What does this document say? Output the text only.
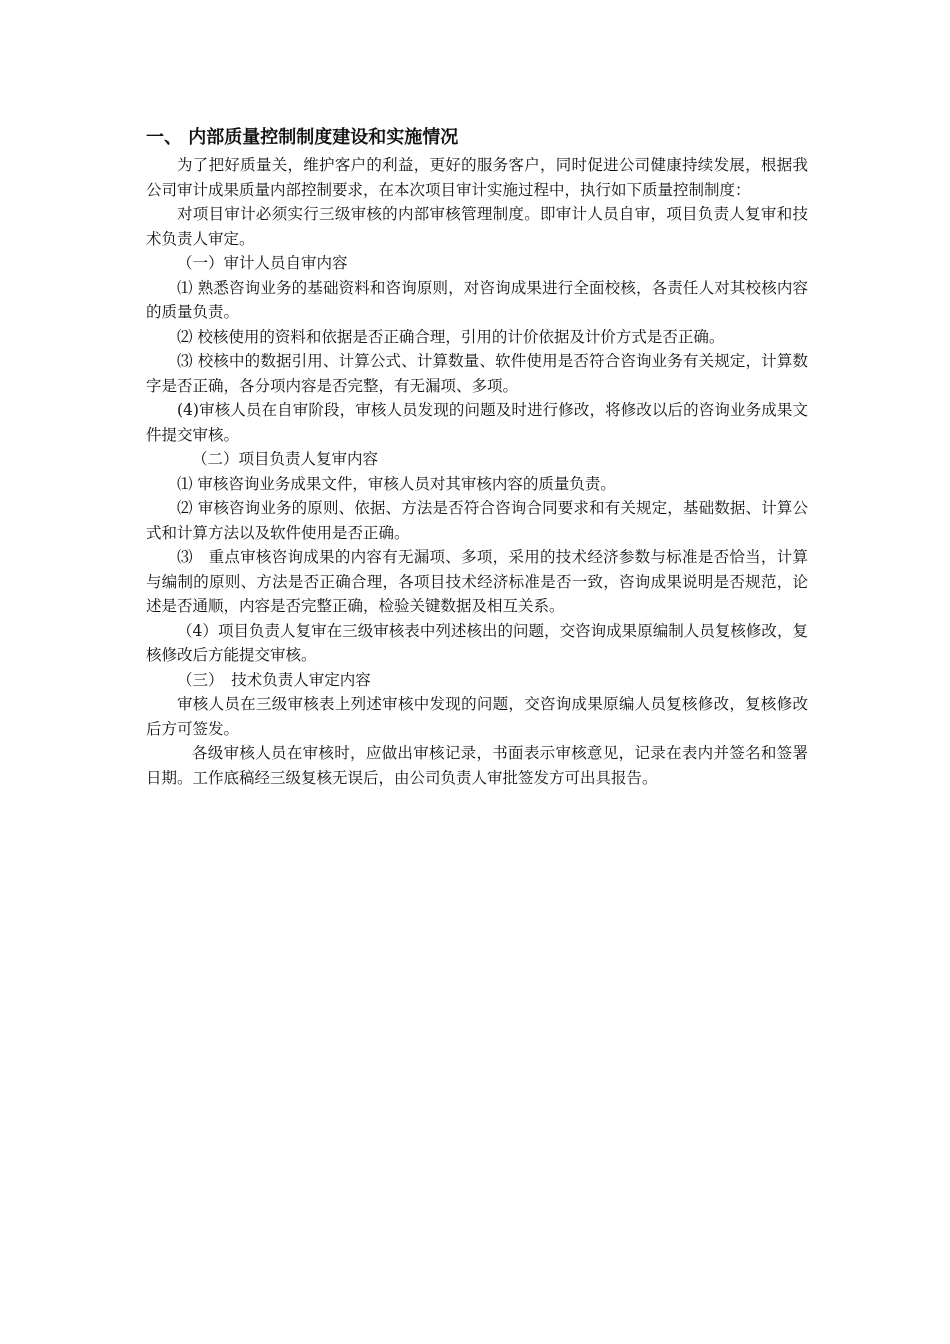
一、 内部质量控制制度建设和实施情况

为了把好质量关，维护客户的利益，更好的服务客户，同时促进公司健康持续发展，根据我公司审计成果质量内部控制要求，在本次项目审计实施过程中，执行如下质量控制制度：

对项目审计必须实行三级审核的内部审核管理制度。即审计人员自审，项目负责人复审和技术负责人审定。

（一）审计人员自审内容

⑴ 熟悉咨询业务的基础资料和咨询原则，对咨询成果进行全面校核，各责任人对其校核内容的质量负责。

⑵ 校核使用的资料和依据是否正确合理，引用的计价依据及计价方式是否正确。

⑶ 校核中的数据引用、计算公式、计算数量、软件使用是否符合咨询业务有关规定，计算数字是否正确，各分项内容是否完整，有无漏项、多项。

(4)审核人员在自审阶段，审核人员发现的问题及时进行修改，将修改以后的咨询业务成果文件提交审核。

（二）项目负责人复审内容

⑴ 审核咨询业务成果文件，审核人员对其审核内容的质量负责。

⑵ 审核咨询业务的原则、依据、方法是否符合咨询合同要求和有关规定，基础数据、计算公式和计算方法以及软件使用是否正确。

⑶　重点审核咨询成果的内容有无漏项、多项，采用的技术经济参数与标准是否恰当，计算与编制的原则、方法是否正确合理，各项目技术经济标准是否一致，咨询成果说明是否规范，论述是否通顺，内容是否完整正确，检验关键数据及相互关系。

（4）项目负责人复审在三级审核表中列述核出的问题，交咨询成果原编制人员复核修改，复核修改后方能提交审核。

（三）　技术负责人审定内容

审核人员在三级审核表上列述审核中发现的问题，交咨询成果原编人员复核修改，复核修改后方可签发。

各级审核人员在审核时，应做出审核记录，书面表示审核意见，记录在表内并签名和签署日期。工作底稿经三级复核无误后，由公司负责人审批签发方可出具报告。
